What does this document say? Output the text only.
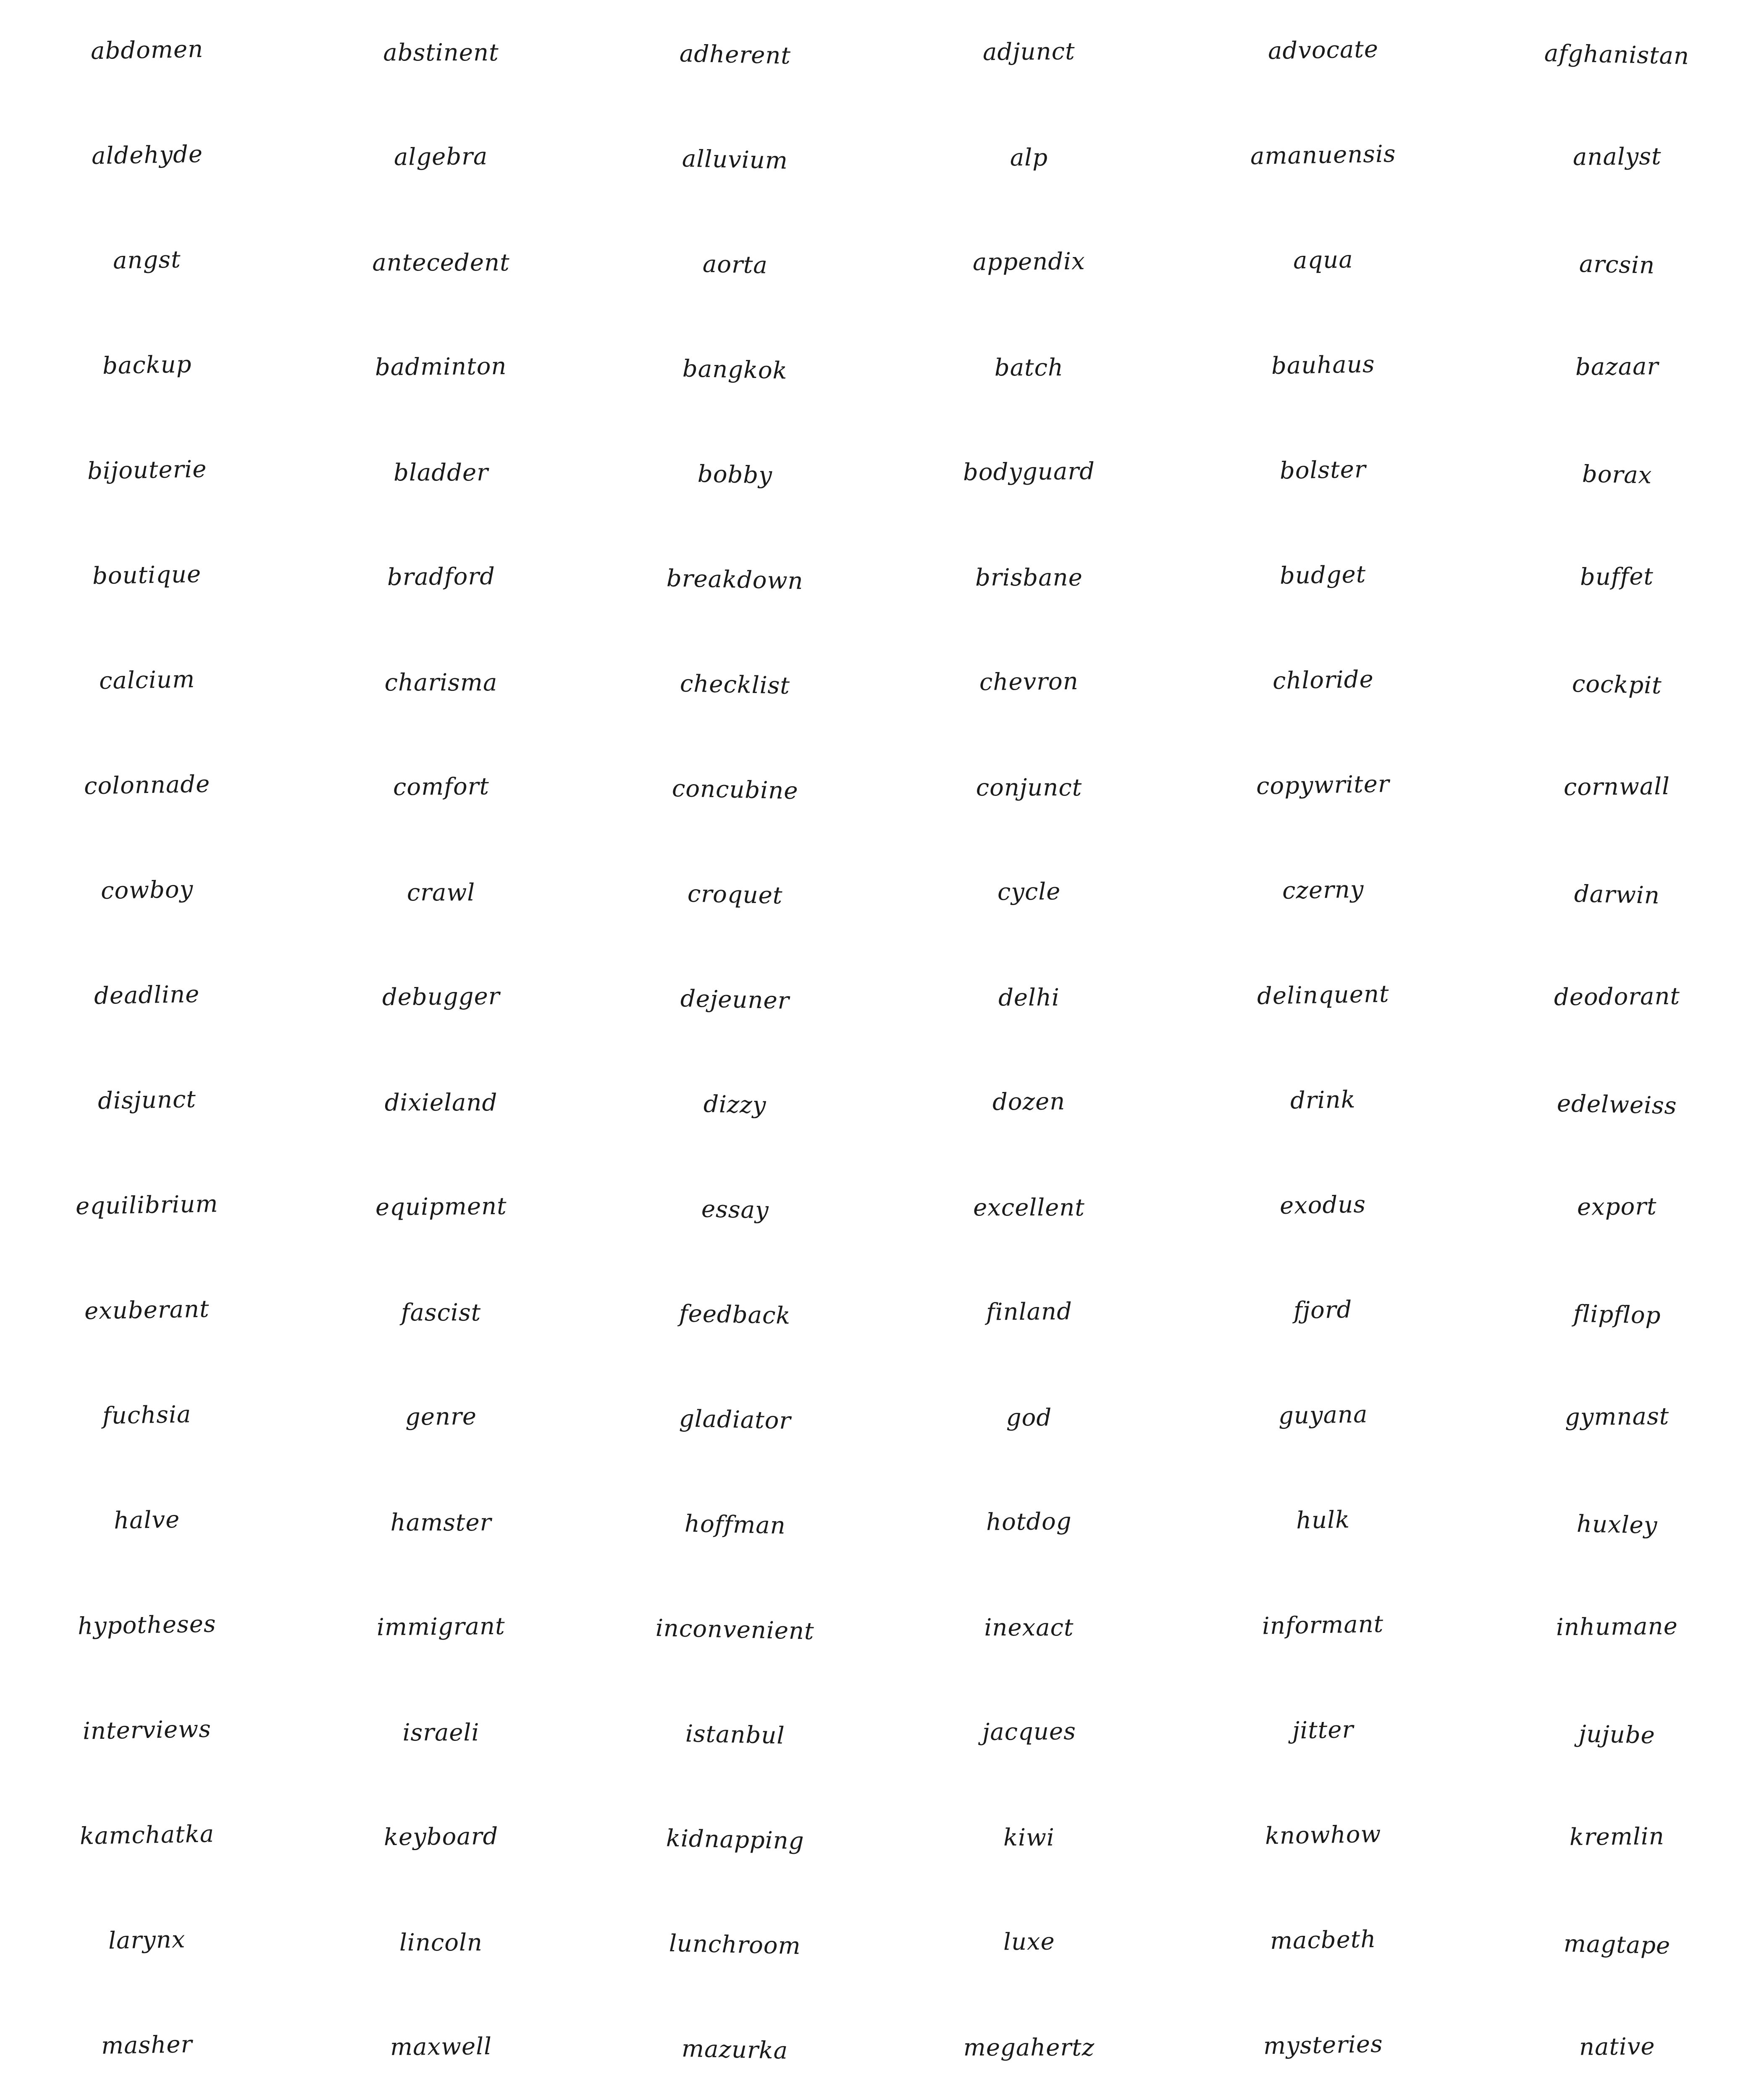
abdomen	abstinent	adherent	adjunct	advocate	afghanistan
aldehyde	algebra	alluvium	alp	amanuensis	analyst
angst	antecedent	aorta	appendix	aqua	arcsin
backup	badminton	bangkok	batch	bauhaus	bazaar
bijouterie	bladder	bobby	bodyguard	bolster	borax
boutique	bradford	breakdown	brisbane	budget	buffet
calcium	charisma	checklist	chevron	chloride	cockpit
colonnade	comfort	concubine	conjunct	copywriter	cornwall
cowboy	crawl	croquet	cycle	czerny	darwin
deadline	debugger	dejeuner	delhi	delinquent	deodorant
disjunct	dixieland	dizzy	dozen	drink	edelweiss
equilibrium	equipment	essay	excellent	exodus	export
exuberant	fascist	feedback	finland	fjord	flipflop
fuchsia	genre	gladiator	god	guyana	gymnast
halve	hamster	hoffman	hotdog	hulk	huxley
hypotheses	immigrant	inconvenient	inexact	informant	inhumane
interviews	israeli	istanbul	jacques	jitter	jujube
kamchatka	keyboard	kidnapping	kiwi	knowhow	kremlin
larynx	lincoln	lunchroom	luxe	macbeth	magtape
masher	maxwell	mazurka	megahertz	mysteries	native
